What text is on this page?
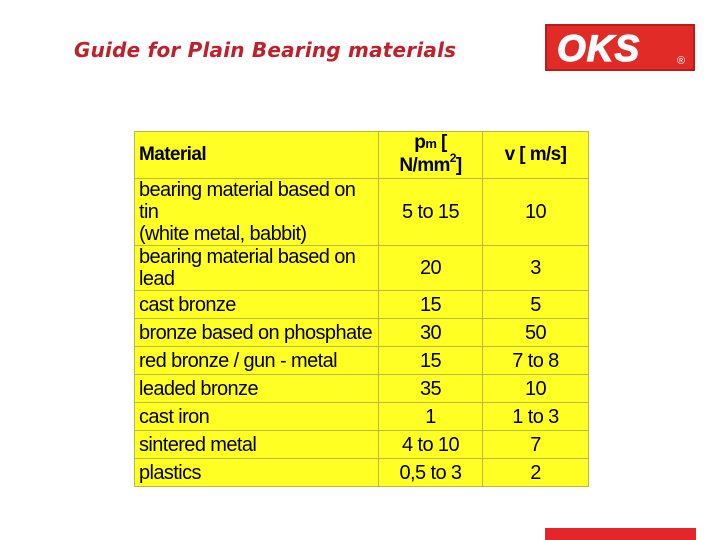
Guide for Plain Bearing materials	OKS	®
Material	pm [ $N/mm^2$]	v [ m/s]

bearing material based on tin
(white metal, babbit)	5 to 15	10
bearing material based on lead	20	3
cast bronze	15	5
bronze based on phosphate	30	50
red bronze / gun - metal	15	7 to 8
leaded bronze	35	10
cast iron	1	1 to 3
sintered metal	4 to 10	7
plastics	0,5 to 3	2
